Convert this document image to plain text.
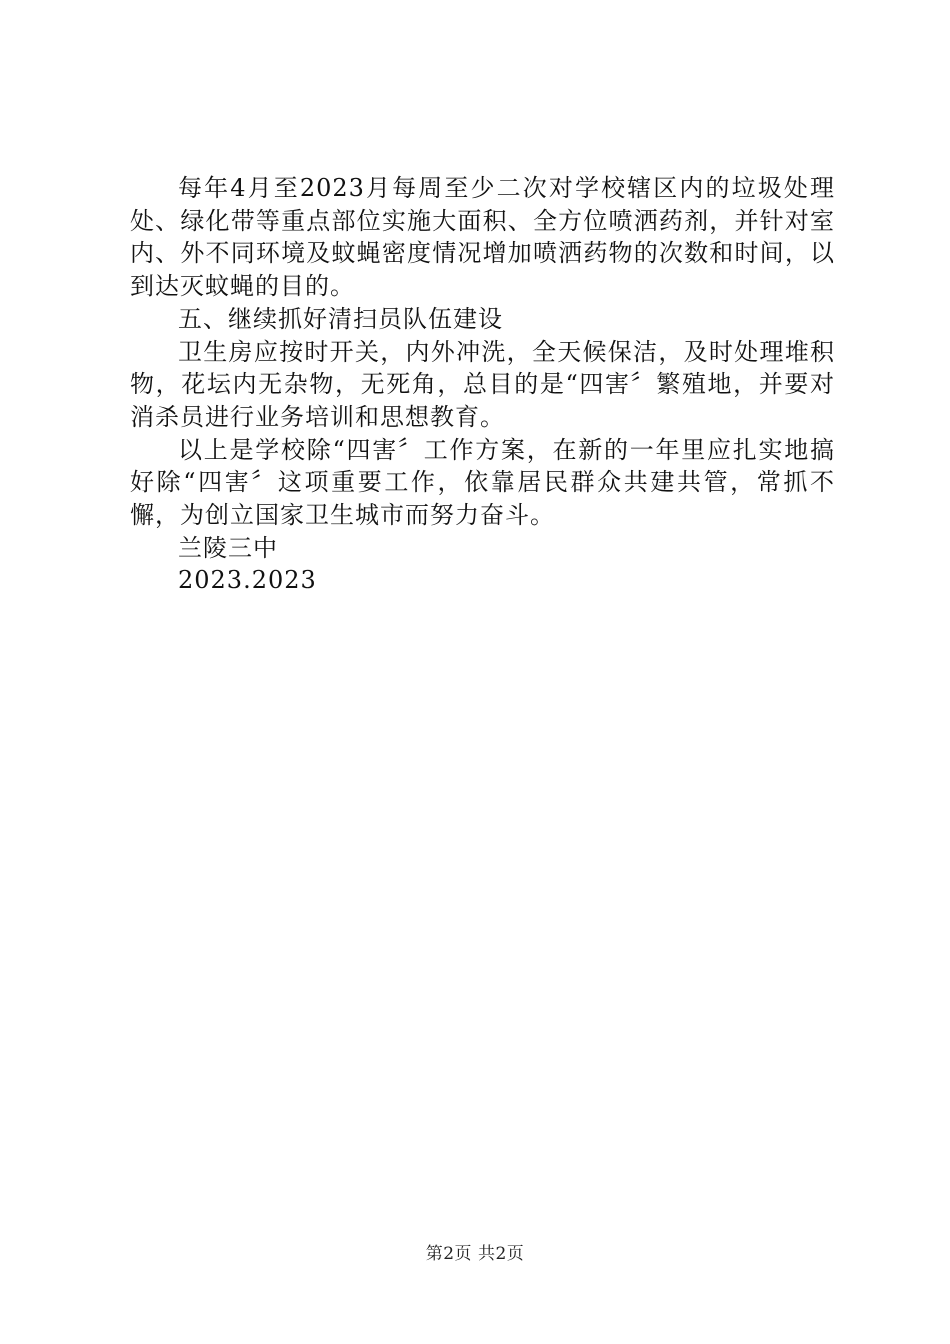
每年4月至2023月每周至少二次对学校辖区内的垃圾处理处、绿化带等重点部位实施大面积、全方位喷洒药剂，并针对室内、外不同环境及蚊蝇密度情况增加喷洒药物的次数和时间，以到达灭蚊蝇的目的。

五、继续抓好清扫员队伍建设

卫生房应按时开关，内外冲洗，全天候保洁，及时处理堆积物，花坛内无杂物，无死角，总目的是“四害〞繁殖地，并要对消杀员进行业务培训和思想教育。

以上是学校除“四害〞工作方案，在新的一年里应扎实地搞好除“四害〞这项重要工作，依靠居民群众共建共管，常抓不懈，为创立国家卫生城市而努力奋斗。

兰陵三中

2023.2023

第2页 共2页
